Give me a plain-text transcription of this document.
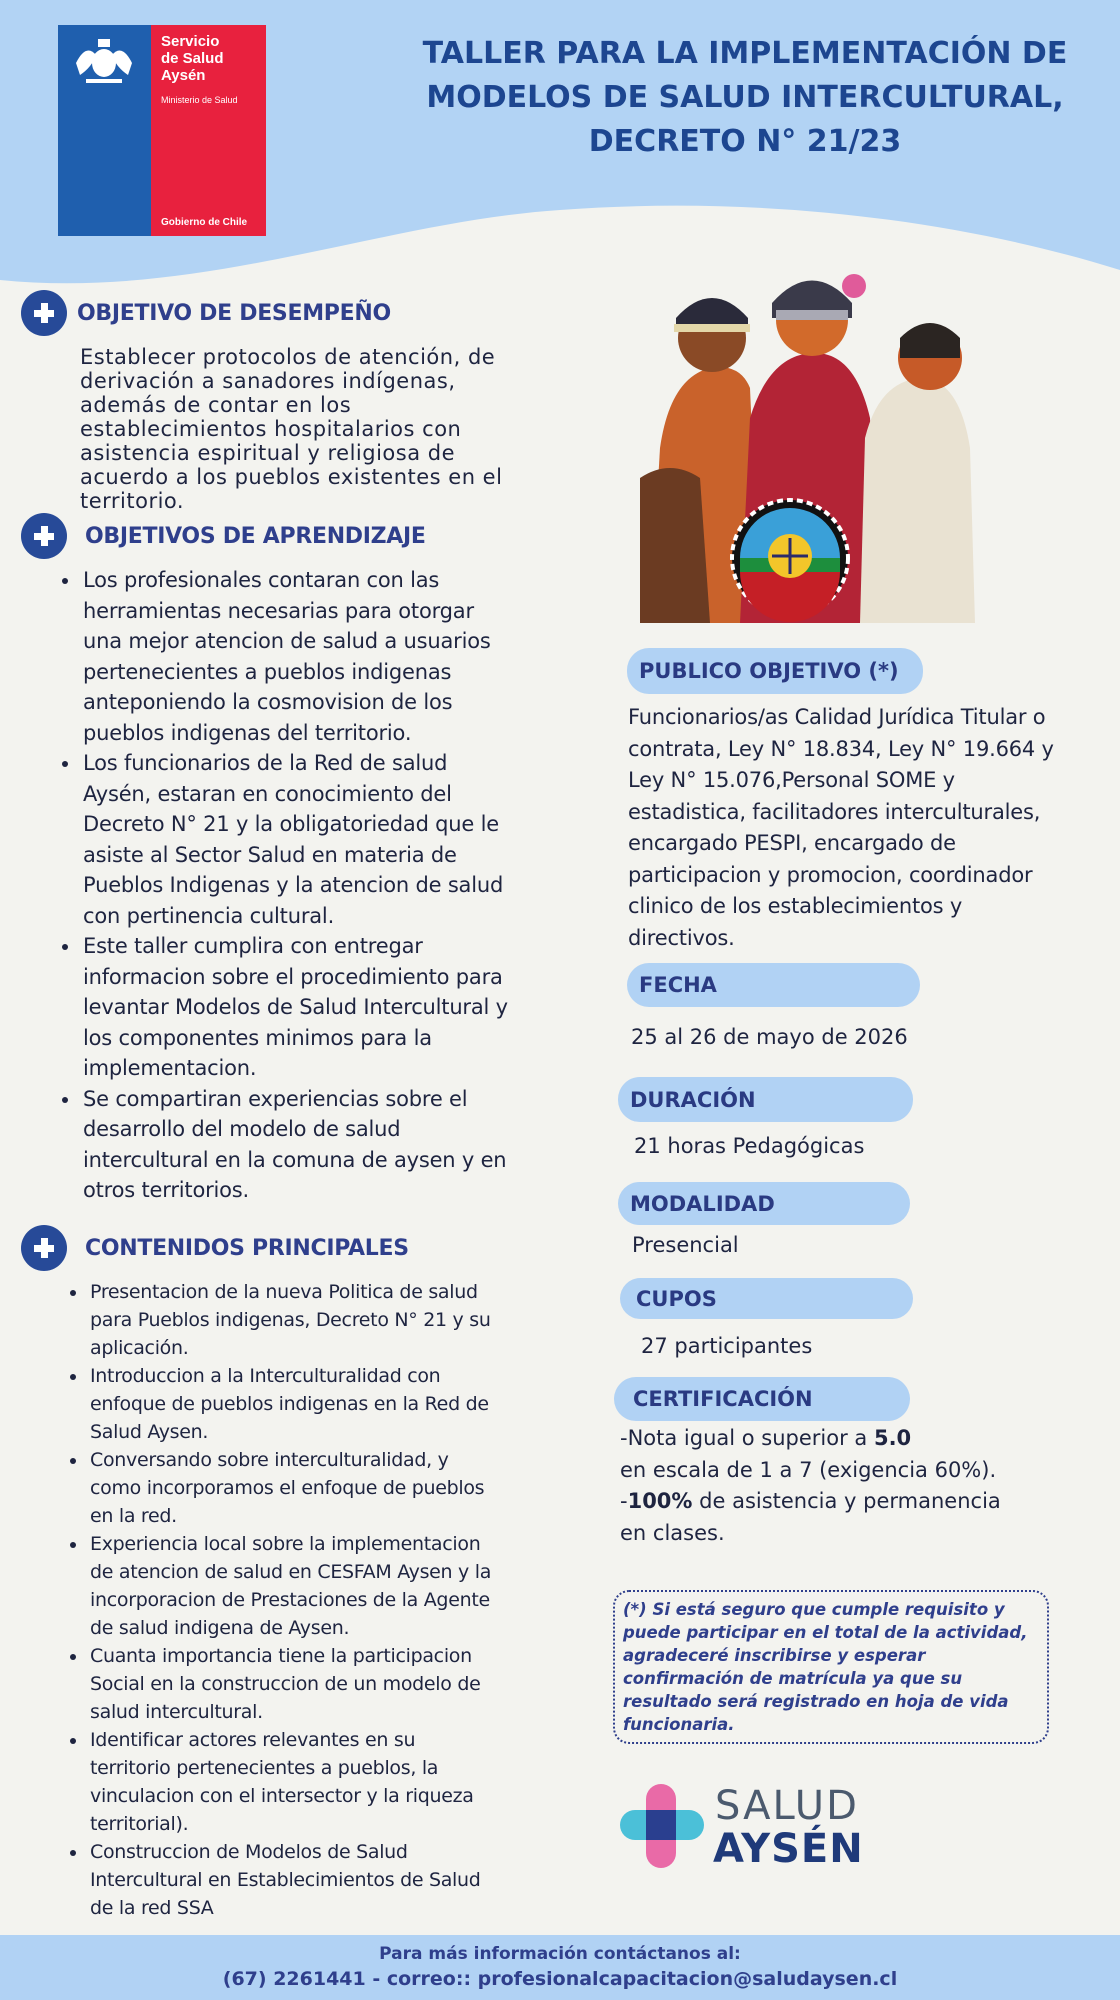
Servicio
de Salud
Aysén
Ministerio de Salud
Gobierno de Chile
TALLER PARA LA IMPLEMENTACIÓN DE
MODELOS DE SALUD INTERCULTURAL,
DECRETO N° 21/23
OBJETIVO DE DESEMPEÑO
Establecer protocolos de atención, de
derivación a sanadores indígenas,
además de contar en los
establecimientos hospitalarios con
asistencia espiritual y religiosa de
acuerdo a los pueblos existentes en el
territorio.
OBJETIVOS DE APRENDIZAJE
• Los profesionales contaran con las
herramientas necesarias para otorgar
una mejor atencion de salud a usuarios
pertenecientes a pueblos indigenas
anteponiendo la cosmovision de los
pueblos indigenas del territorio.
• Los funcionarios de la Red de salud
Aysén, estaran en conocimiento del
Decreto N° 21 y la obligatoriedad que le
asiste al Sector Salud en materia de
Pueblos Indigenas y la atencion de salud
con pertinencia cultural.
• Este taller cumplira con entregar
informacion sobre el procedimiento para
levantar Modelos de Salud Intercultural y
los componentes minimos para la
implementacion.
• Se compartiran experiencias sobre el
desarrollo del modelo de salud
intercultural en la comuna de aysen y en
otros territorios.
CONTENIDOS PRINCIPALES
• Presentacion de la nueva Politica de salud
para Pueblos indigenas, Decreto N° 21 y su
aplicación.
• Introduccion a la Interculturalidad con
enfoque de pueblos indigenas en la Red de
Salud Aysen.
• Conversando sobre interculturalidad, y
como incorporamos el enfoque de pueblos
en la red.
• Experiencia local sobre la implementacion
de atencion de salud en CESFAM Aysen y la
incorporacion de Prestaciones de la Agente
de salud indigena de Aysen.
• Cuanta importancia tiene la participacion
Social en la construccion de un modelo de
salud intercultural.
• Identificar actores relevantes en su
territorio pertenecientes a pueblos, la
vinculacion con el intersector y la riqueza
territorial).
• Construccion de Modelos de Salud
Intercultural en Establecimientos de Salud
de la red SSA
PUBLICO OBJETIVO (*)
Funcionarios/as Calidad Jurídica Titular o
contrata, Ley N° 18.834, Ley N° 19.664 y
Ley N° 15.076,Personal SOME y
estadistica, facilitadores interculturales,
encargado PESPI, encargado de
participacion y promocion, coordinador
clinico de los establecimientos y
directivos.
FECHA
25 al 26 de mayo de 2026
DURACIÓN
21 horas Pedagógicas
MODALIDAD
Presencial
CUPOS
27 participantes
CERTIFICACIÓN
-Nota igual o superior a 5.0
en escala de 1 a 7 (exigencia 60%).
-100% de asistencia y permanencia
en clases.
(*) Si está seguro que cumple requisito y
puede participar en el total de la actividad,
agradeceré inscribirse y esperar
confirmación de matrícula ya que su
resultado será registrado en hoja de vida
funcionaria.
SALUD
AYSÉN
Para más información contáctanos al:
(67) 2261441 - correo:: profesionalcapacitacion@saludaysen.cl
